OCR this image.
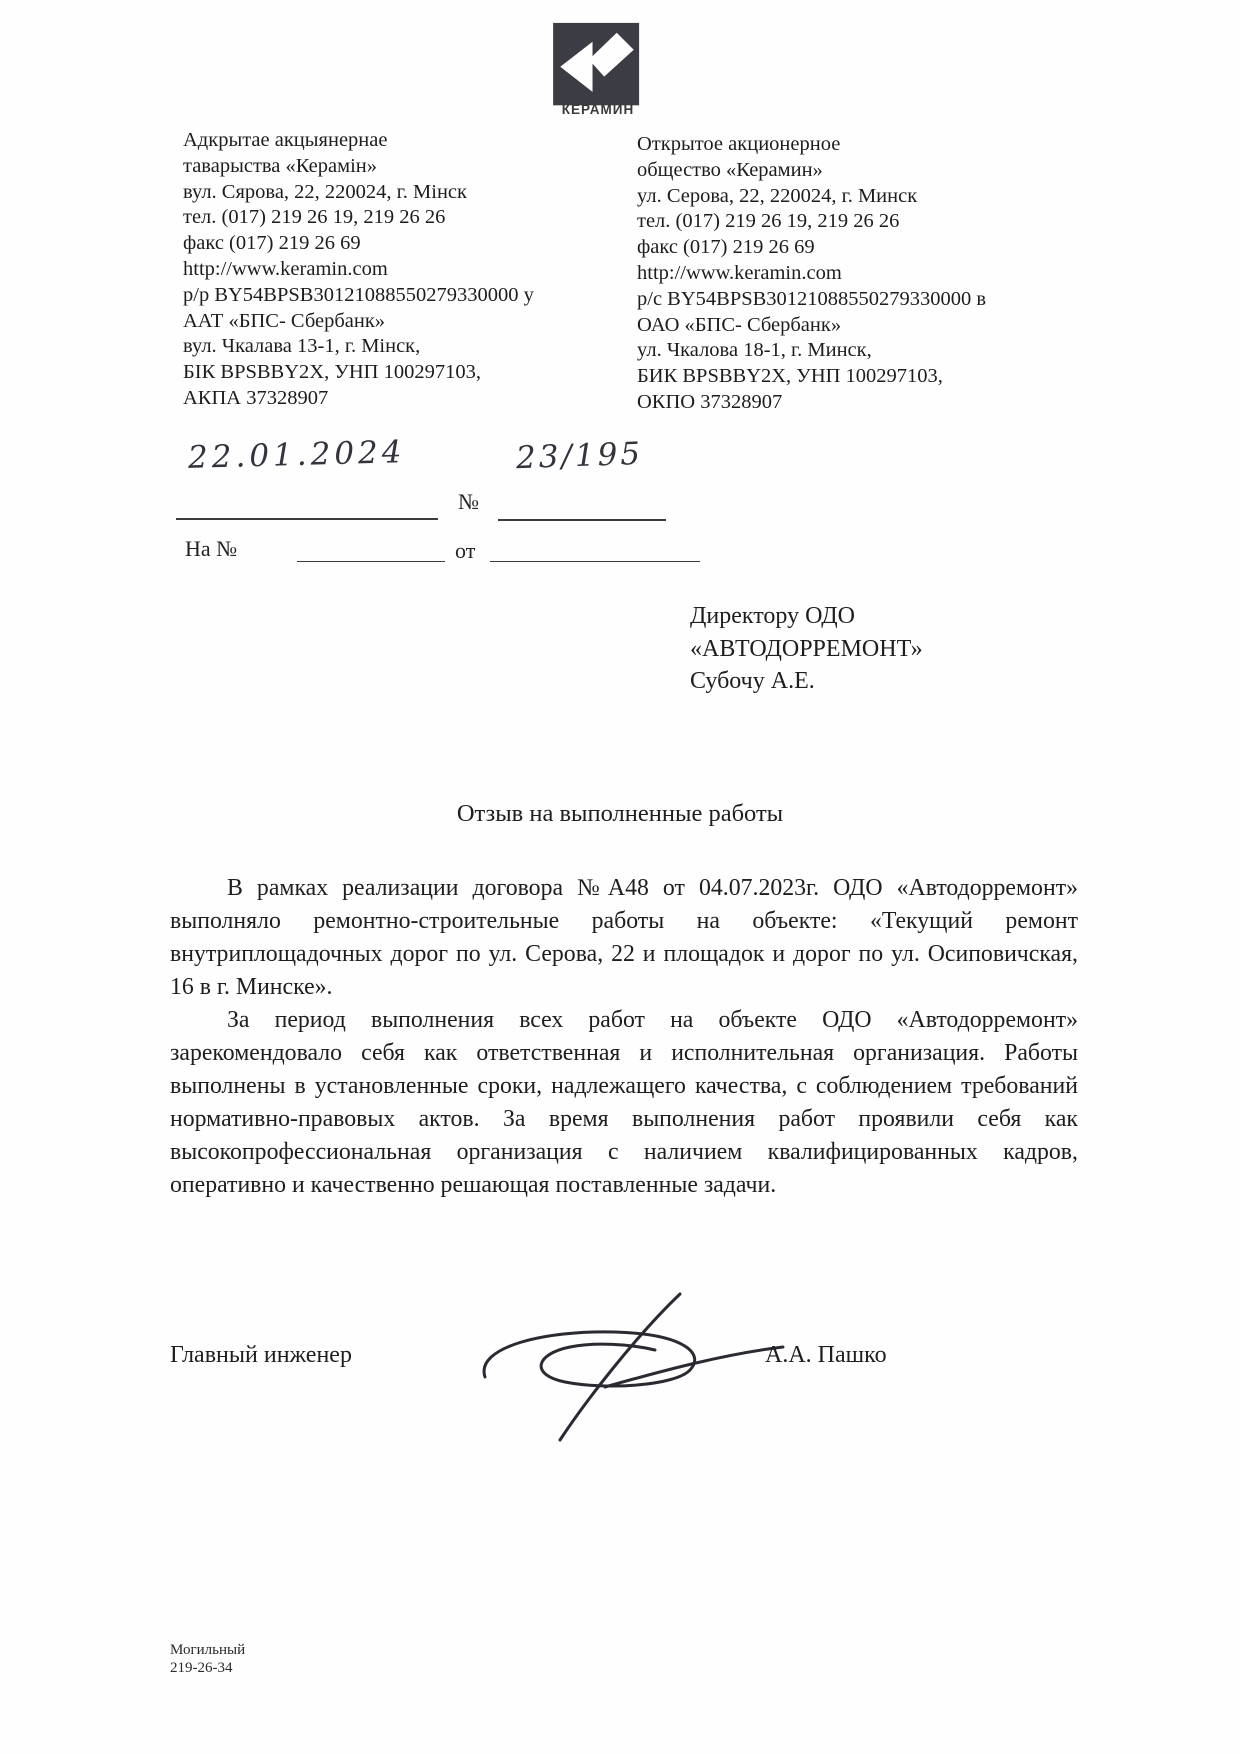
КЕРАМИН
Адкрытае акцыянернае
таварыства «Керамін»
вул. Сярова, 22, 220024, г. Мінск
тел. (017) 219 26 19, 219 26 26
факс (017) 219 26 69
http://www.keramin.com
р/р BY54BPSB30121088550279330000 у
ААТ «БПС- Сбербанк»
вул. Чкалава 13-1, г. Мінск,
БІК BPSBBY2X, УНП 100297103,
АКПА 37328907
Открытое акционерное
общество «Керамин»
ул. Серова, 22, 220024, г. Минск
тел. (017) 219 26 19, 219 26 26
факс (017) 219 26 69
http://www.keramin.com
р/с BY54BPSB30121088550279330000 в
ОАО «БПС- Сбербанк»
ул. Чкалова 18-1, г. Минск,
БИК BPSBBY2X, УНП 100297103,
ОКПО 37328907
22.01.2024
№
23/195
На №	от
Директору ОДО
«АВТОДОРРЕМОНТ»
Субочу А.Е.
Отзыв на выполненные работы

В рамках реализации договора №А48 от 04.07.2023г. ОДО «Автодорремонт» выполняло ремонтно-строительные работы на объекте: «Текущий ремонт внутриплощадочных дорог по ул. Серова, 22 и площадок и дорог по ул. Осиповичская, 16 в г. Минске».

За период выполнения всех работ на объекте ОДО «Автодорремонт» зарекомендовало себя как ответственная и исполнительная организация. Работы выполнены в установленные сроки, надлежащего качества, с соблюдением требований нормативно-правовых актов. За время выполнения работ проявили себя как высокопрофессиональная организация с наличием квалифицированных кадров, оперативно и качественно решающая поставленные задачи.

Главный инженер	А.А. Пашко
Могильный
219-26-34
